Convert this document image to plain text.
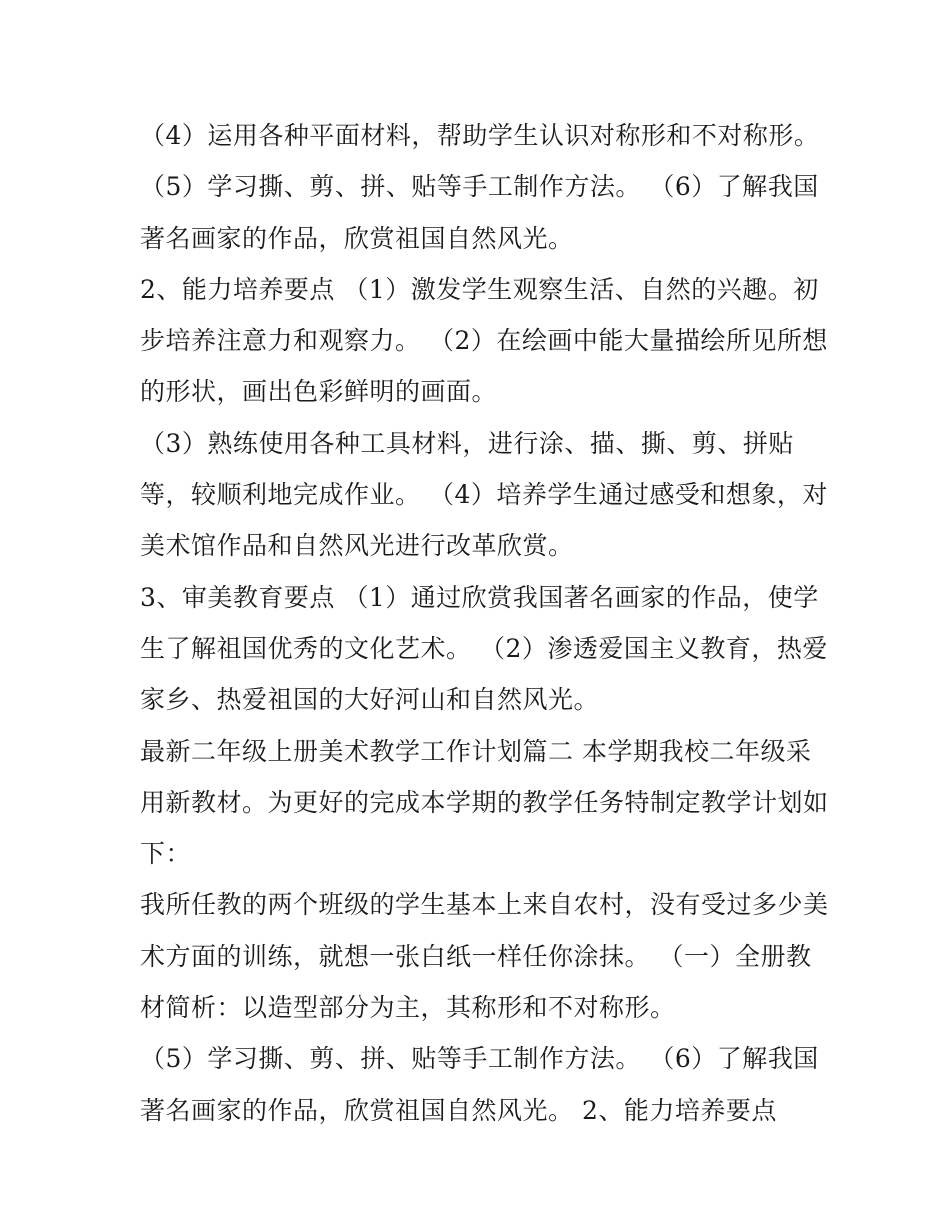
（4）运用各种平面材料，帮助学生认识对称形和不对称形。
（5）学习撕、剪、拼、贴等手工制作方法。 （6）了解我国
著名画家的作品，欣赏祖国自然风光。
2、能力培养要点 （1）激发学生观察生活、自然的兴趣。初
步培养注意力和观察力。 （2）在绘画中能大量描绘所见所想
的形状，画出色彩鲜明的画面。
（3）熟练使用各种工具材料，进行涂、描、撕、剪、拼贴
等，较顺利地完成作业。 （4）培养学生通过感受和想象，对
美术馆作品和自然风光进行改革欣赏。
3、审美教育要点 （1）通过欣赏我国著名画家的作品，使学
生了解祖国优秀的文化艺术。 （2）渗透爱国主义教育，热爱
家乡、热爱祖国的大好河山和自然风光。
最新二年级上册美术教学工作计划篇二 本学期我校二年级采
用新教材。为更好的完成本学期的教学任务特制定教学计划如
下：
我所任教的两个班级的学生基本上来自农村，没有受过多少美
术方面的训练，就想一张白纸一样任你涂抹。 （一）全册教
材简析：以造型部分为主，其称形和不对称形。
（5）学习撕、剪、拼、贴等手工制作方法。 （6）了解我国
著名画家的作品，欣赏祖国自然风光。 2、能力培养要点
